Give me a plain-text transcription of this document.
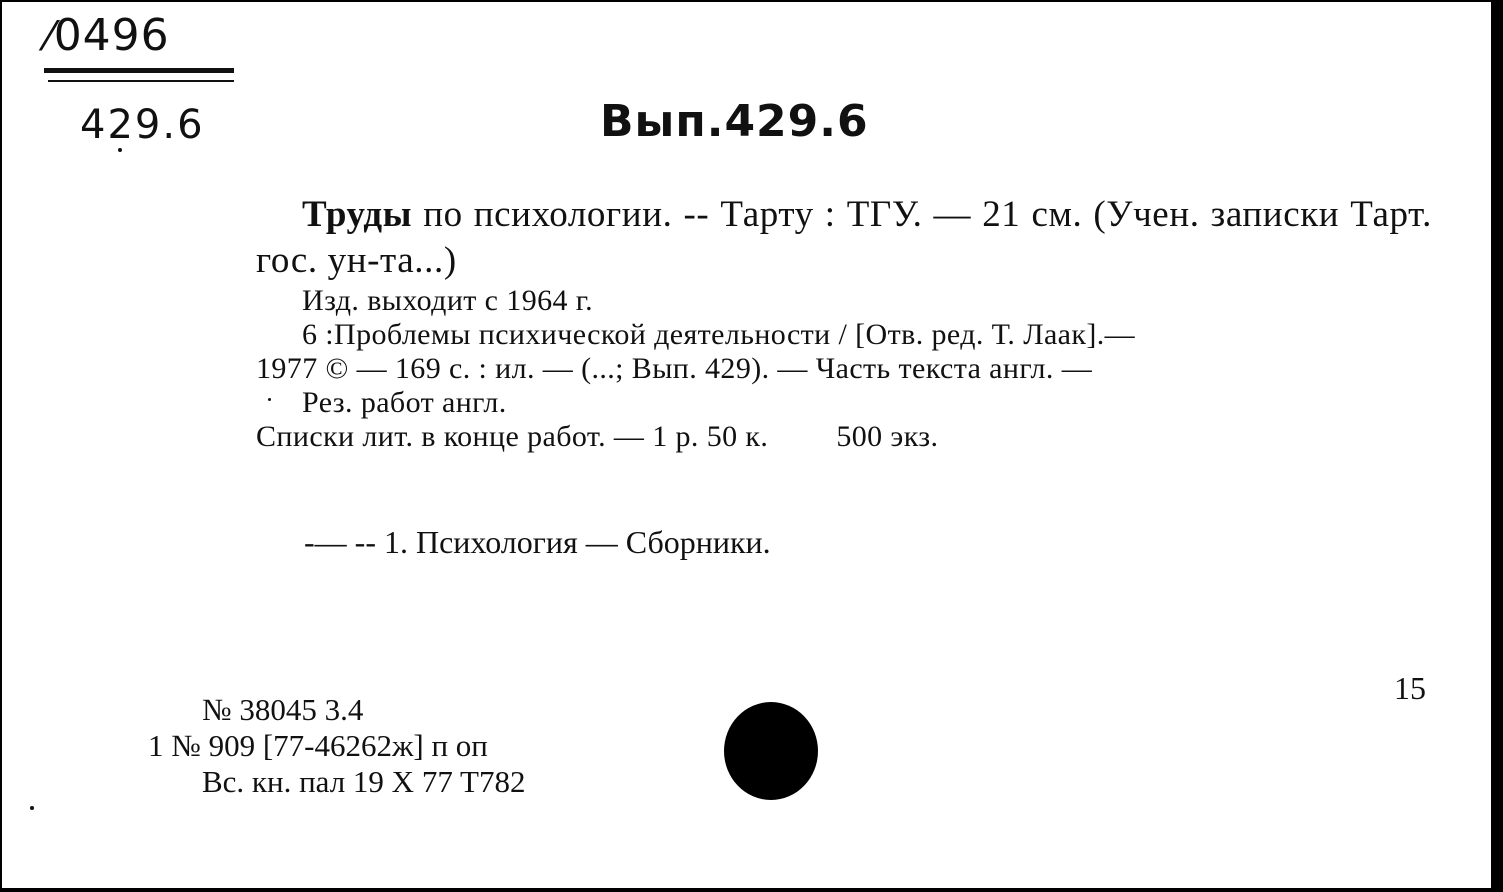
⁄0496
429.6	Вып.429.6

Труды по психологии. -- Тарту : ТГУ. — 21 см. (Учен. записки Тарт. гос. ун-та...)

Изд. выходит с 1964 г.

6 :Проблемы психической деятельности / [Отв. ред. Т. Лаак].—

1977 © — 169 с. : ил. — (...; Вып. 429). — Часть текста англ. —

Рез. работ англ.

Списки лит. в конце работ. — 1 р. 50 к. 500 экз.

-— -- 1. Психология — Сборники.
№ 38045 3.4
1 № 909 [77-46262ж] п оп
Вс. кн. пал 19 X 77 T782
15
